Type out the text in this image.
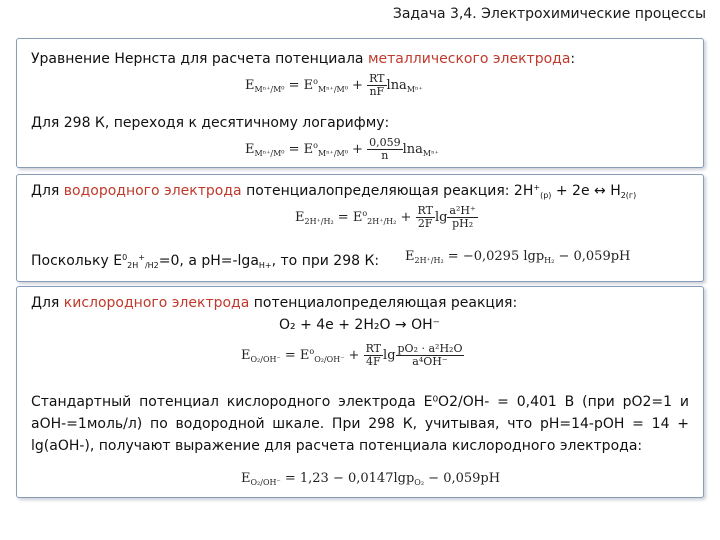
Задача 3,4. Электрохимические процессы
Уравнение Нернста для расчета потенциала металлического электрода:
$E_{M^{n+}/M^0} = E^o_{M^{n+}/M^0} + \frac{RT}{nF} \ln a_{M^{n+}}$
Для 298 К, переходя к десятичному логарифму:
$E_{M^{n+}/M^0} = E^o_{M^{n+}/M^0} + \frac{0,059}{n} \ln a_{M^{n+}}$
Для водородного электрода потенциалопределяющая реакция: $2H^+_{(р)} + 2e$ ↔ $H_{2(г)}$
$E_{2H^+/H_2} = E^o_{2H^+/H_2} + \frac{RT}{2F}$ $\lg \frac{\text{a²H⁺}}{\text{pH₂}}$
Поскольку $E^0_{2H}^+_{/H2}=0$, а pH=-lga$_{H+}$, то при 298 К: $E_{2H^+/H_2} = -0,0295$ lgp$_{H_2}$ − 0,059pH
Для кислородного электрода потенциалопределяющая реакция:
O₂ + 4e + 2H₂O → OH⁻
$E_{O_2/OH^-} = E^o_{O_2/OH^-} + \frac{RT}{4F}$ $\lg \frac{\text{pO₂ · a²H₂O}}{\text{a⁴OH⁻}}$
Стандартный потенциал кислородного электрода E⁰O2/OH- = 0,401 В (при pO2=1 и aOH-=1моль/л) по водородной шкале. При 298 К, учитывая, что pH=14-pOH = 14 + lg(aOH-), получают выражение для расчета потенциала кислородного электрода:
$E_{O_2/OH^-} = 1,23 - 0,0147\lg p_{O_2} - 0,059pH$
